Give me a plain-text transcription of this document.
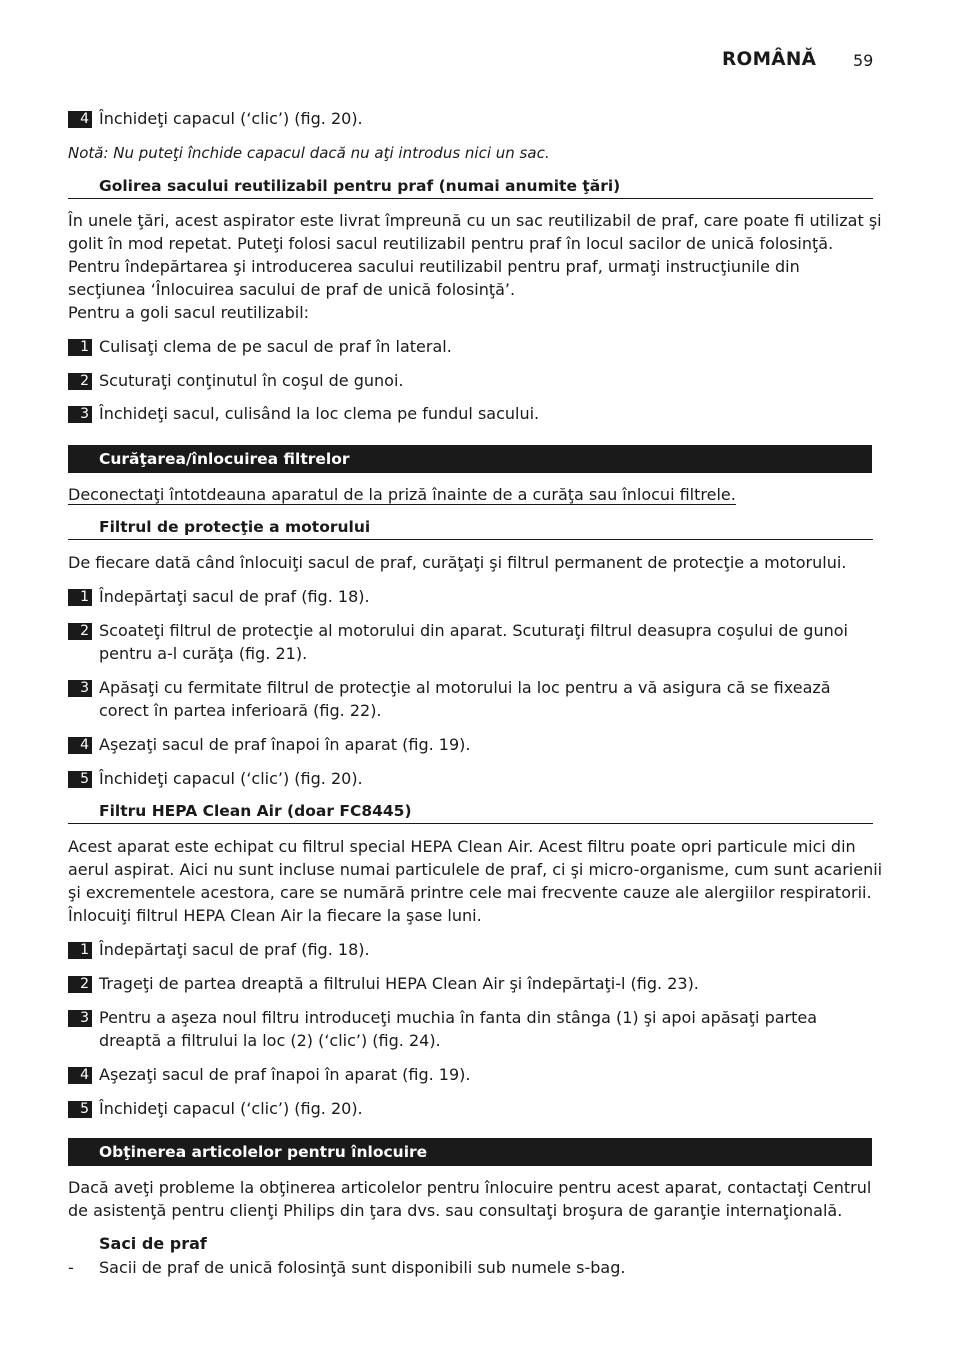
ROMÂNĂ 59
4 Închideţi capacul (‘clic’) (fig. 20).
Notă: Nu puteţi închide capacul dacă nu aţi introdus nici un sac.
Golirea sacului reutilizabil pentru praf (numai anumite ţări)
În unele ţări, acest aspirator este livrat împreună cu un sac reutilizabil de praf, care poate fi utilizat şi
golit în mod repetat. Puteţi folosi sacul reutilizabil pentru praf în locul sacilor de unică folosinţă.
Pentru îndepărtarea şi introducerea sacului reutilizabil pentru praf, urmaţi instrucţiunile din
secţiunea ‘Înlocuirea sacului de praf de unică folosinţă’.
Pentru a goli sacul reutilizabil:
1 Culisaţi clema de pe sacul de praf în lateral.
2 Scuturaţi conţinutul în coşul de gunoi.
3 Închideţi sacul, culisând la loc clema pe fundul sacului.
Curăţarea/înlocuirea filtrelor
Deconectaţi întotdeauna aparatul de la priză înainte de a curăţa sau înlocui filtrele.
Filtrul de protecţie a motorului
De fiecare dată când înlocuiţi sacul de praf, curăţaţi şi filtrul permanent de protecţie a motorului.
1 Îndepărtaţi sacul de praf (fig. 18).
2 Scoateţi filtrul de protecţie al motorului din aparat. Scuturaţi filtrul deasupra coşului de gunoi
pentru a-l curăţa (fig. 21).
3 Apăsaţi cu fermitate filtrul de protecţie al motorului la loc pentru a vă asigura că se fixează
corect în partea inferioară (fig. 22).
4 Aşezaţi sacul de praf înapoi în aparat (fig. 19).
5 Închideţi capacul (‘clic’) (fig. 20).
Filtru HEPA Clean Air (doar FC8445)
Acest aparat este echipat cu filtrul special HEPA Clean Air. Acest filtru poate opri particule mici din
aerul aspirat. Aici nu sunt incluse numai particulele de praf, ci şi micro-organisme, cum sunt acarienii
şi excrementele acestora, care se numără printre cele mai frecvente cauze ale alergiilor respiratorii.
Înlocuiţi filtrul HEPA Clean Air la fiecare la şase luni.
1 Îndepărtaţi sacul de praf (fig. 18).
2 Trageţi de partea dreaptă a filtrului HEPA Clean Air şi îndepărtaţi-l (fig. 23).
3 Pentru a aşeza noul filtru introduceţi muchia în fanta din stânga (1) şi apoi apăsaţi partea
dreaptă a filtrului la loc (2) (‘clic’) (fig. 24).
4 Aşezaţi sacul de praf înapoi în aparat (fig. 19).
5 Închideţi capacul (‘clic’) (fig. 20).
Obţinerea articolelor pentru înlocuire
Dacă aveţi probleme la obţinerea articolelor pentru înlocuire pentru acest aparat, contactaţi Centrul
de asistenţă pentru clienţi Philips din ţara dvs. sau consultaţi broşura de garanţie internaţională.
Saci de praf
- Sacii de praf de unică folosinţă sunt disponibili sub numele s-bag.
